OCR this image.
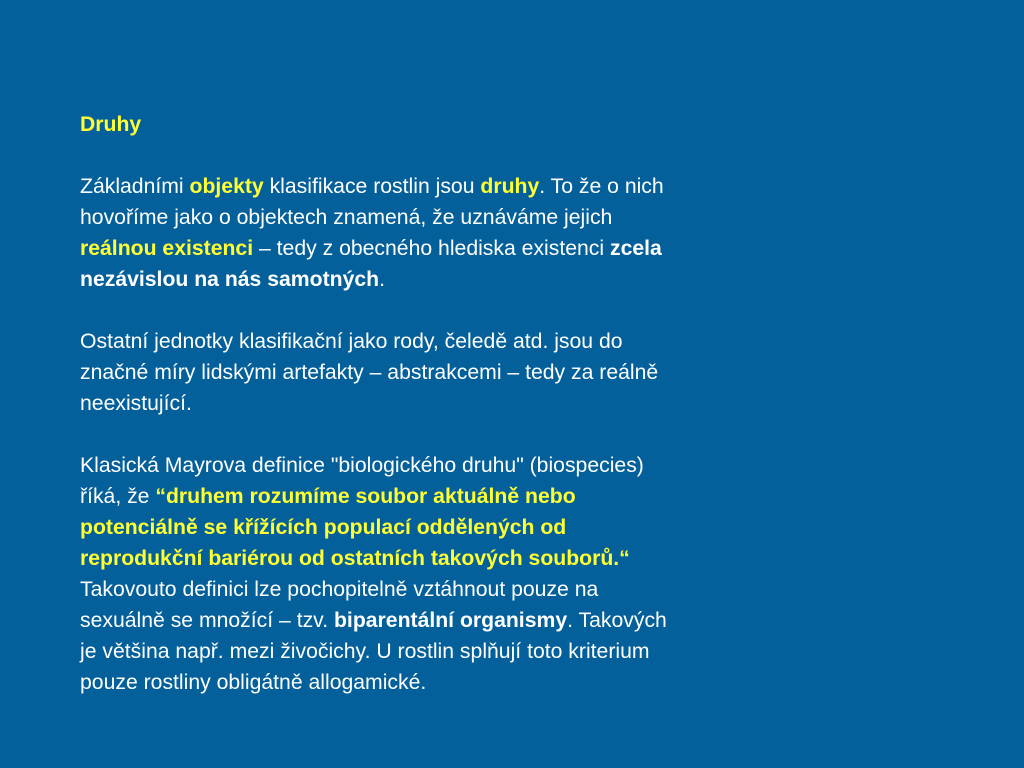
Druhy

Základními objekty klasifikace rostlin jsou druhy. To že o nich
hovoříme jako o objektech znamená, že uznáváme jejich
reálnou existenci – tedy z obecného hlediska existenci zcela
nezávislou na nás samotných.

Ostatní jednotky klasifikační jako rody, čeledě atd. jsou do
značné míry lidskými artefakty – abstrakcemi – tedy za reálně
neexistující.

Klasická Mayrova definice "biologického druhu" (biospecies)
říká, že “druhem rozumíme soubor aktuálně nebo
potenciálně se křížících populací oddělených od
reprodukční bariérou od ostatních takových souborů.“
Takovouto definici lze pochopitelně vztáhnout pouze na
sexuálně se množící – tzv. biparentální organismy. Takových
je většina např. mezi živočichy. U rostlin splňují toto kriterium
pouze rostliny obligátně allogamické.
